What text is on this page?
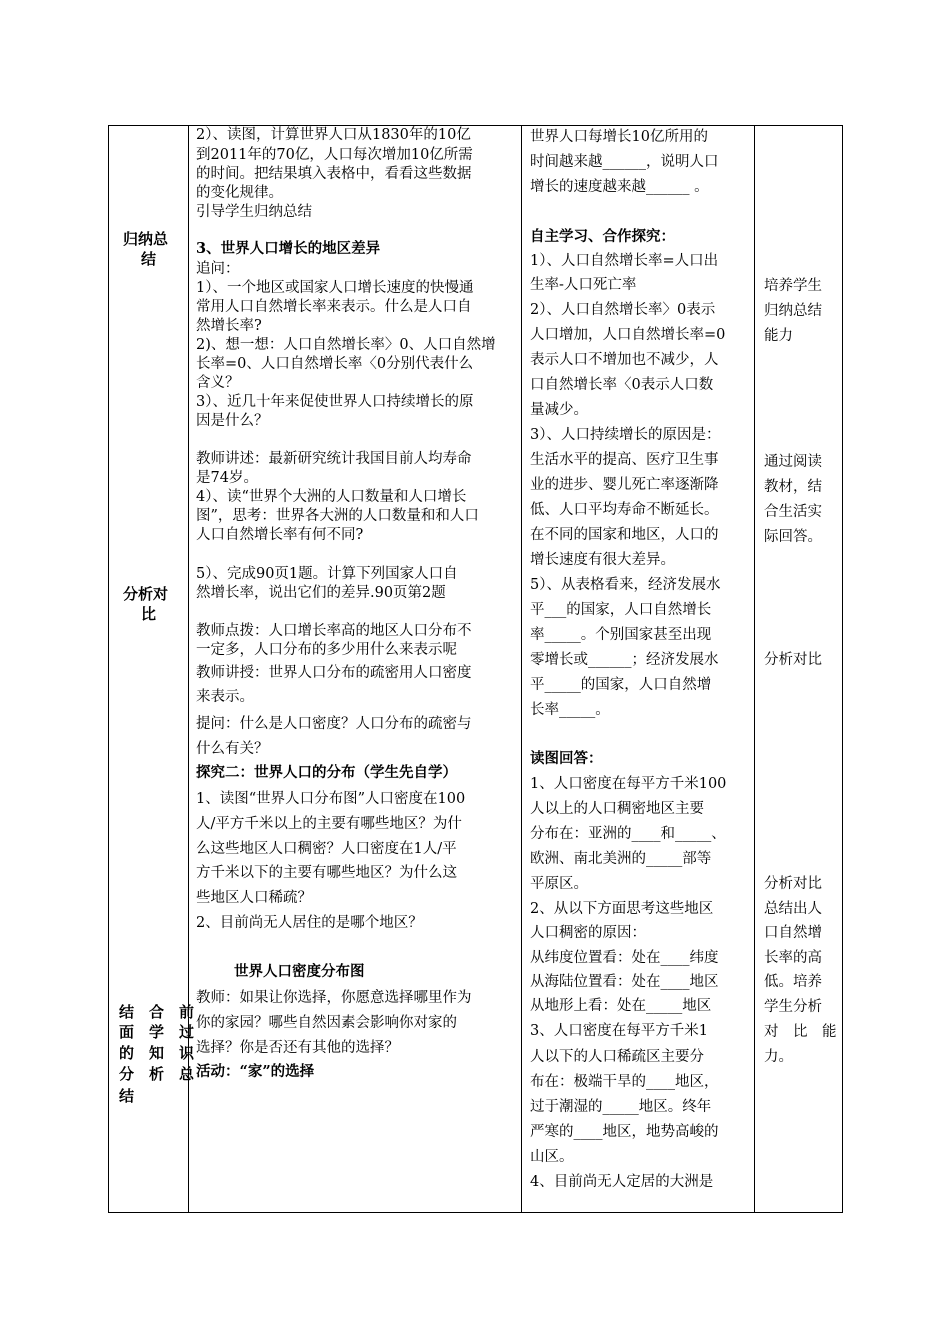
归纳总
结
分析对
比
结　合　前
面　学　过
的　知　识
分　析　总
结
2）、读图，计算世界人口从1830年的10亿
到2011年的70亿，人口每次增加10亿所需
的时间。把结果填入表格中，看看这些数据
的变化规律。
引导学生归纳总结
3、世界人口增长的地区差异
追问：
1）、一个地区或国家人口增长速度的快慢通
常用人口自然增长率来表示。什么是人口自
然增长率?
2)、想一想：人口自然增长率〉0、人口自然增
长率=0、人口自然增长率〈0分别代表什么
含义？
3）、近几十年来促使世界人口持续增长的原
因是什么？
教师讲述：最新研究统计我国目前人均寿命
是74岁。
4）、读“世界个大洲的人口数量和人口增长
图”，思考：世界各大洲的人口数量和和人口
人口自然增长率有何不同?
5）、完成90页1题。计算下列国家人口自
然增长率，说出它们的差异.90页第2题
教师点拨：人口增长率高的地区人口分布不
一定多，人口分布的多少用什么来表示呢
教师讲授：世界人口分布的疏密用人口密度
来表示。
提问：什么是人口密度？人口分布的疏密与
什么有关？
探究二：世界人口的分布（学生先自学）
1、读图“世界人口分布图”人口密度在100
人/平方千米以上的主要有哪些地区？为什
么这些地区人口稠密？人口密度在1人/平
方千米以下的主要有哪些地区？为什么这
些地区人口稀疏？
2、目前尚无人居住的是哪个地区？
世界人口密度分布图
教师：如果让你选择，你愿意选择哪里作为
你的家园？哪些自然因素会影响你对家的
选择？你是否还有其他的选择？
活动：“家”的选择
世界人口每增长10亿所用的
时间越来越______，说明人口
增长的速度越来越______ 。
自主学习、合作探究：
1）、人口自然增长率=人口出
生率-人口死亡率
2）、人口自然增长率〉0表示
人口增加，人口自然增长率=0
表示人口不增加也不减少，人
口自然增长率〈0表示人口数
量减少。
3）、人口持续增长的原因是：
生活水平的提高、医疗卫生事
业的进步、婴儿死亡率逐渐降
低、人口平均寿命不断延长。
在不同的国家和地区，人口的
增长速度有很大差异。
5）、从表格看来，经济发展水
平___的国家，人口自然增长
率_____。个别国家甚至出现
零增长或______；经济发展水
平_____的国家，人口自然增
长率_____。
读图回答：
1、人口密度在每平方千米100
人以上的人口稠密地区主要
分布在：亚洲的____和_____、
欧洲、南北美洲的_____部等
平原区。
2、从以下方面思考这些地区
人口稠密的原因：
从纬度位置看：处在____纬度
从海陆位置看：处在____地区
从地形上看：处在_____地区
3、人口密度在每平方千米1
人以下的人口稀疏区主要分
布在：极端干旱的____地区，
过于潮湿的_____地区。终年
严寒的____地区，地势高峻的
山区。
4、目前尚无人定居的大洲是
培养学生
归纳总结
能力
通过阅读
教材，结
合生活实
际回答。
分析对比
分析对比
总结出人
口自然增
长率的高
低。培养
学生分析
对　比　能
力。
